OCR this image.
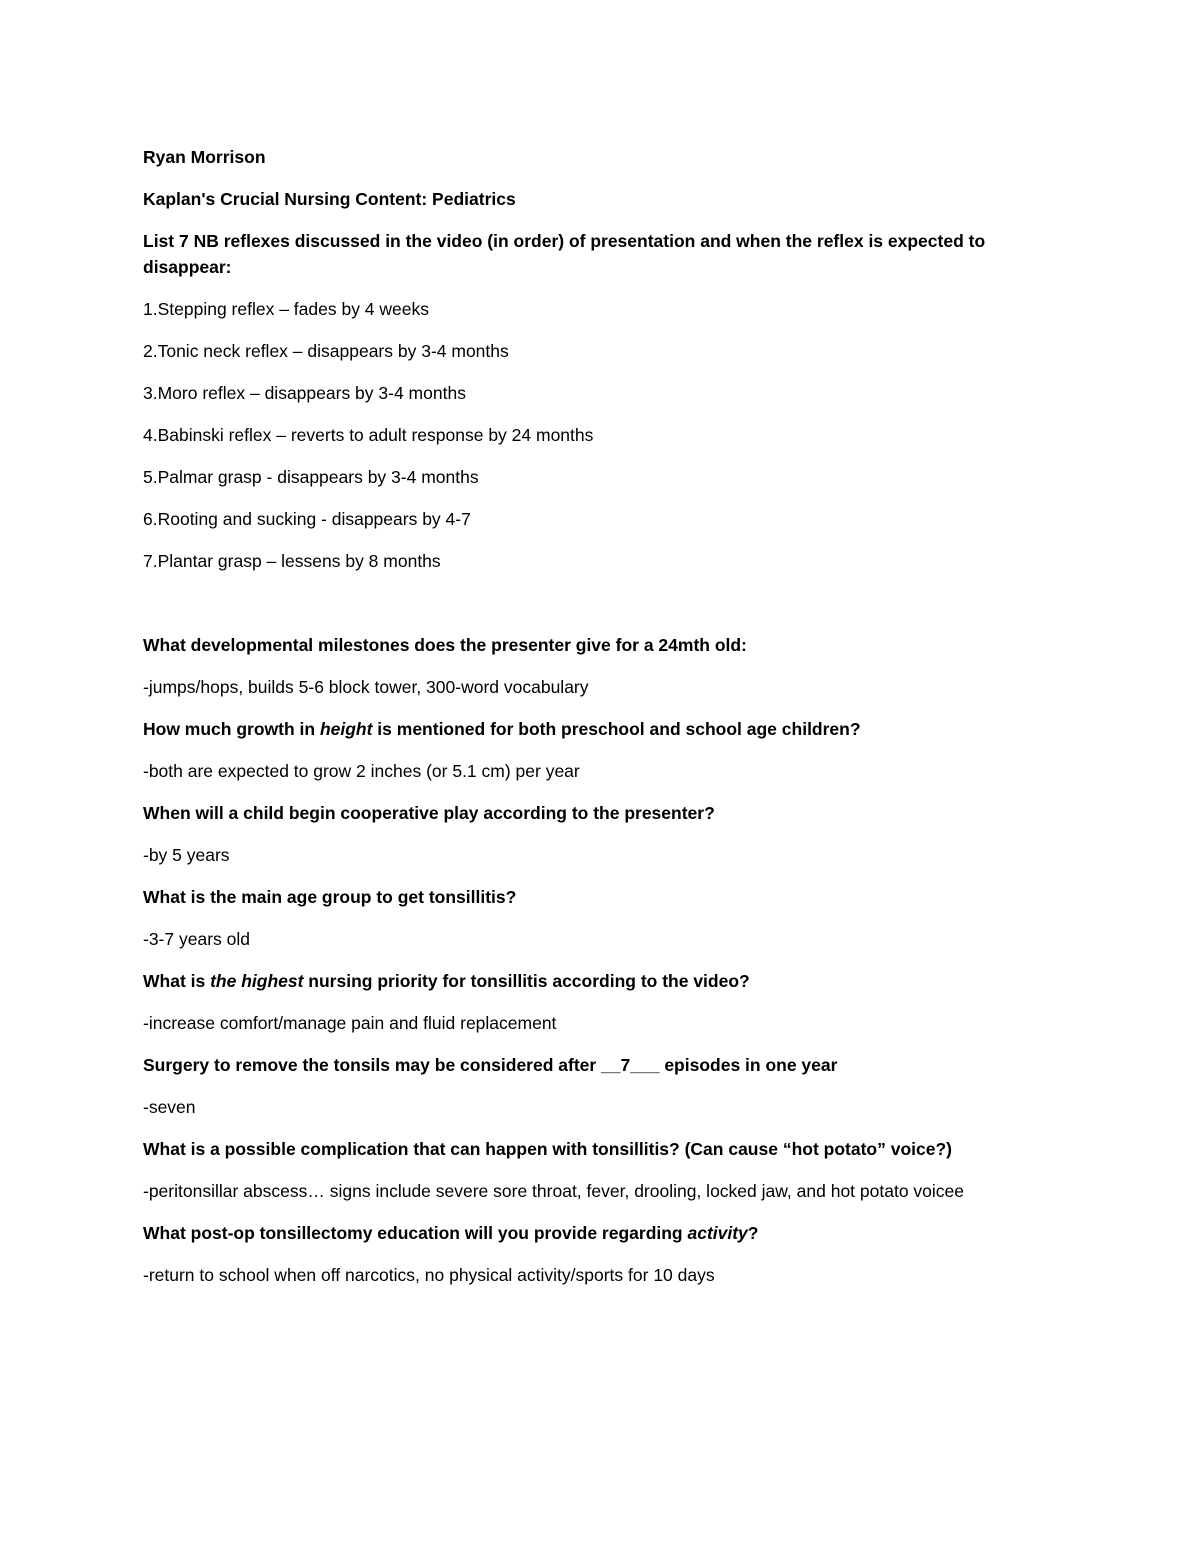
Ryan Morrison

Kaplan's Crucial Nursing Content: Pediatrics

List 7 NB reflexes discussed in the video (in order) of presentation and when the reflex is expected to disappear:

1.Stepping reflex – fades by 4 weeks

2.Tonic neck reflex – disappears by 3-4 months

3.Moro reflex – disappears by 3-4 months

4.Babinski reflex – reverts to adult response by 24 months

5.Palmar grasp - disappears by 3-4 months

6.Rooting and sucking - disappears by 4-7

7.Plantar grasp – lessens by 8 months

What developmental milestones does the presenter give for a 24mth old:

-jumps/hops, builds 5-6 block tower, 300-word vocabulary

How much growth in height is mentioned for both preschool and school age children?

-both are expected to grow 2 inches (or 5.1 cm) per year

When will a child begin cooperative play according to the presenter?

-by 5 years

What is the main age group to get tonsillitis?

-3-7 years old

What is the highest nursing priority for tonsillitis according to the video?

-increase comfort/manage pain and fluid replacement

Surgery to remove the tonsils may be considered after __7___ episodes in one year

-seven

What is a possible complication that can happen with tonsillitis? (Can cause “hot potato” voice?)

-peritonsillar abscess… signs include severe sore throat, fever, drooling, locked jaw, and hot potato voicee

What post-op tonsillectomy education will you provide regarding activity?

-return to school when off narcotics, no physical activity/sports for 10 days
